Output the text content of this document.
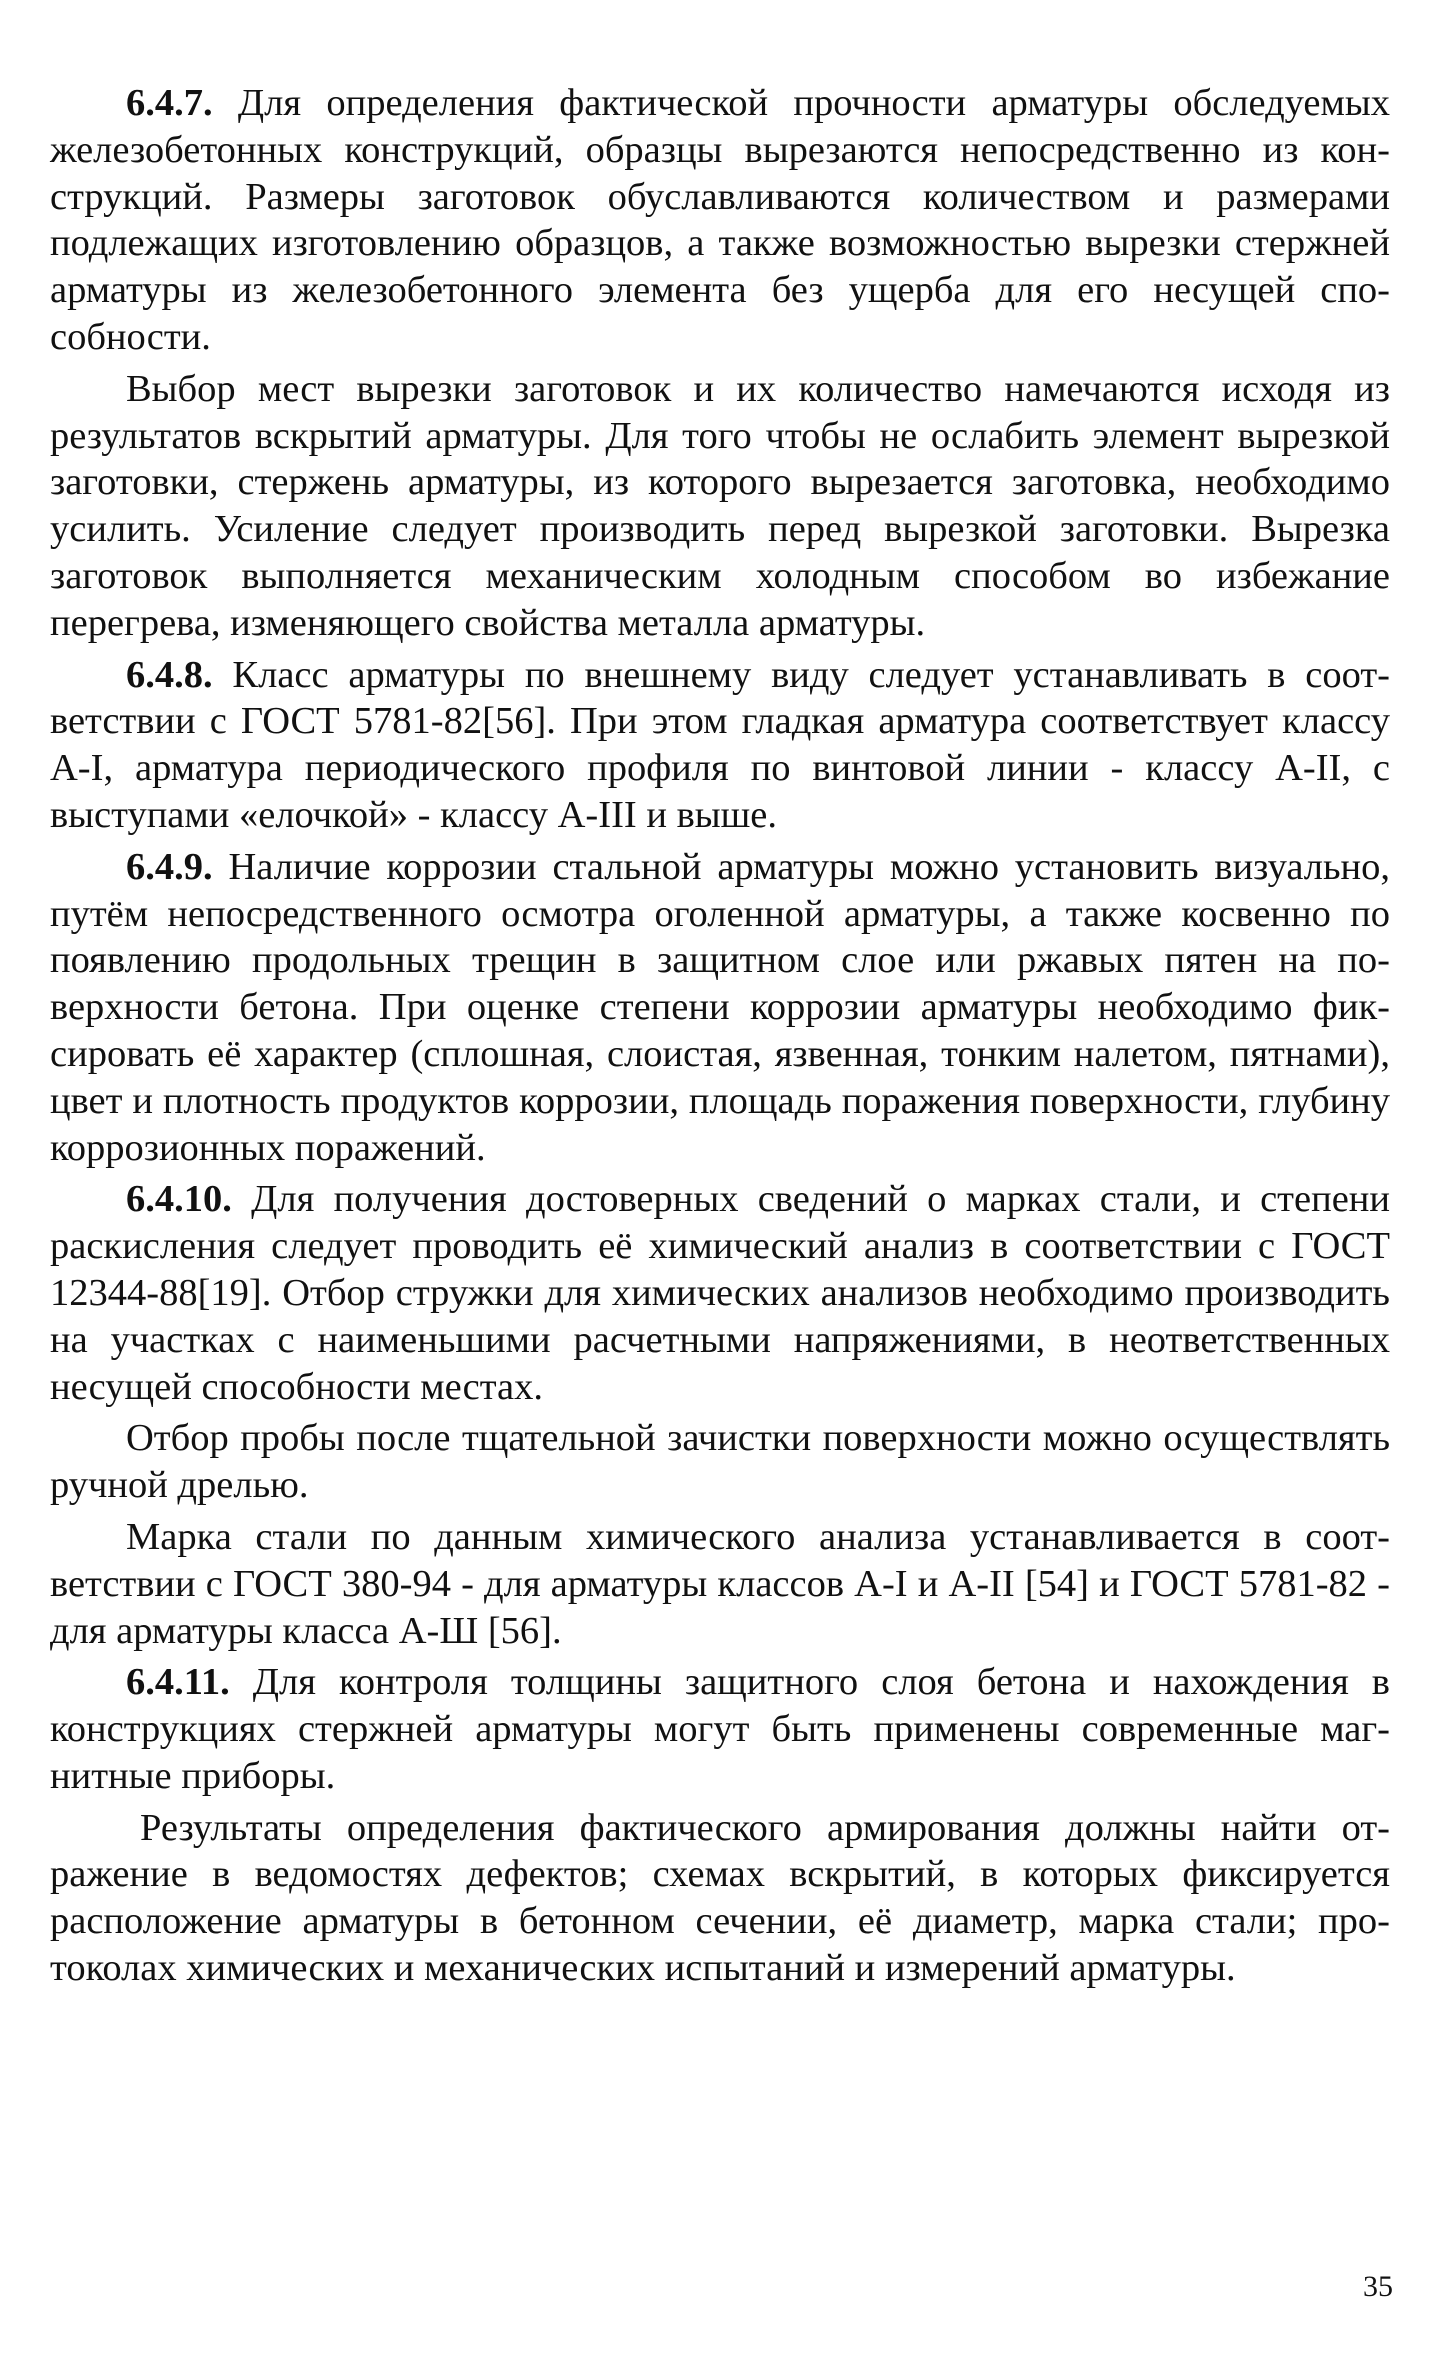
6.4.7. Для определения фактической прочности арматуры обследуемых железобетонных конструкций, образцы вырезаются непосредственно из конструкций. Размеры заготовок обуславливаются количеством и размерами подлежащих изготовлению образцов, а также возможностью вырезки стержней арматуры из железобетонного элемента без ущерба для его несущей способности.

Выбор мест вырезки заготовок и их количество намечаются исходя из результатов вскрытий арматуры. Для того чтобы не ослабить элемент вырезкой заготовки, стержень арматуры, из которого вырезается заготовка, необходимо усилить. Усиление следует производить перед вырезкой заготовки. Вырезка заготовок выполняется механическим холодным способом во избежание перегрева, изменяющего свойства металла арматуры.

6.4.8. Класс арматуры по внешнему виду следует устанавливать в соответствии с ГОСТ 5781-82[56]. При этом гладкая арматура соответствует классу А-I, арматура периодического профиля по винтовой линии - классу А-II, с выступами «елочкой» - классу А-III и выше.

6.4.9. Наличие коррозии стальной арматуры можно установить визуально, путём непосредственного осмотра оголенной арматуры, а также косвенно по появлению продольных трещин в защитном слое или ржавых пятен на поверхности бетона. При оценке степени коррозии арматуры необходимо фиксировать её характер (сплошная, слоистая, язвенная, тонким налетом, пятнами), цвет и плотность продуктов коррозии, площадь поражения поверхности, глубину коррозионных поражений.

6.4.10. Для получения достоверных сведений о марках стали, и степени раскисления следует проводить её химический анализ в соответствии с ГОСТ 12344-88[19]. Отбор стружки для химических анализов необходимо производить на участках с наименьшими расчетными напряжениями, в неответственных несущей способности местах.

Отбор пробы после тщательной зачистки поверхности можно осуществлять ручной дрелью.

Марка стали по данным химического анализа устанавливается в соответствии с ГОСТ 380-94 - для арматуры классов А-I и А-II [54] и ГОСТ 5781-82 - для арматуры класса А-Ш [56].

6.4.11. Для контроля толщины защитного слоя бетона и нахождения в конструкциях стержней арматуры могут быть применены современные магнитные приборы.

Результаты определения фактического армирования должны найти отражение в ведомостях дефектов; схемах вскрытий, в которых фиксируется расположение арматуры в бетонном сечении, её диаметр, марка стали; протоколах химических и механических испытаний и измерений арматуры.

35
